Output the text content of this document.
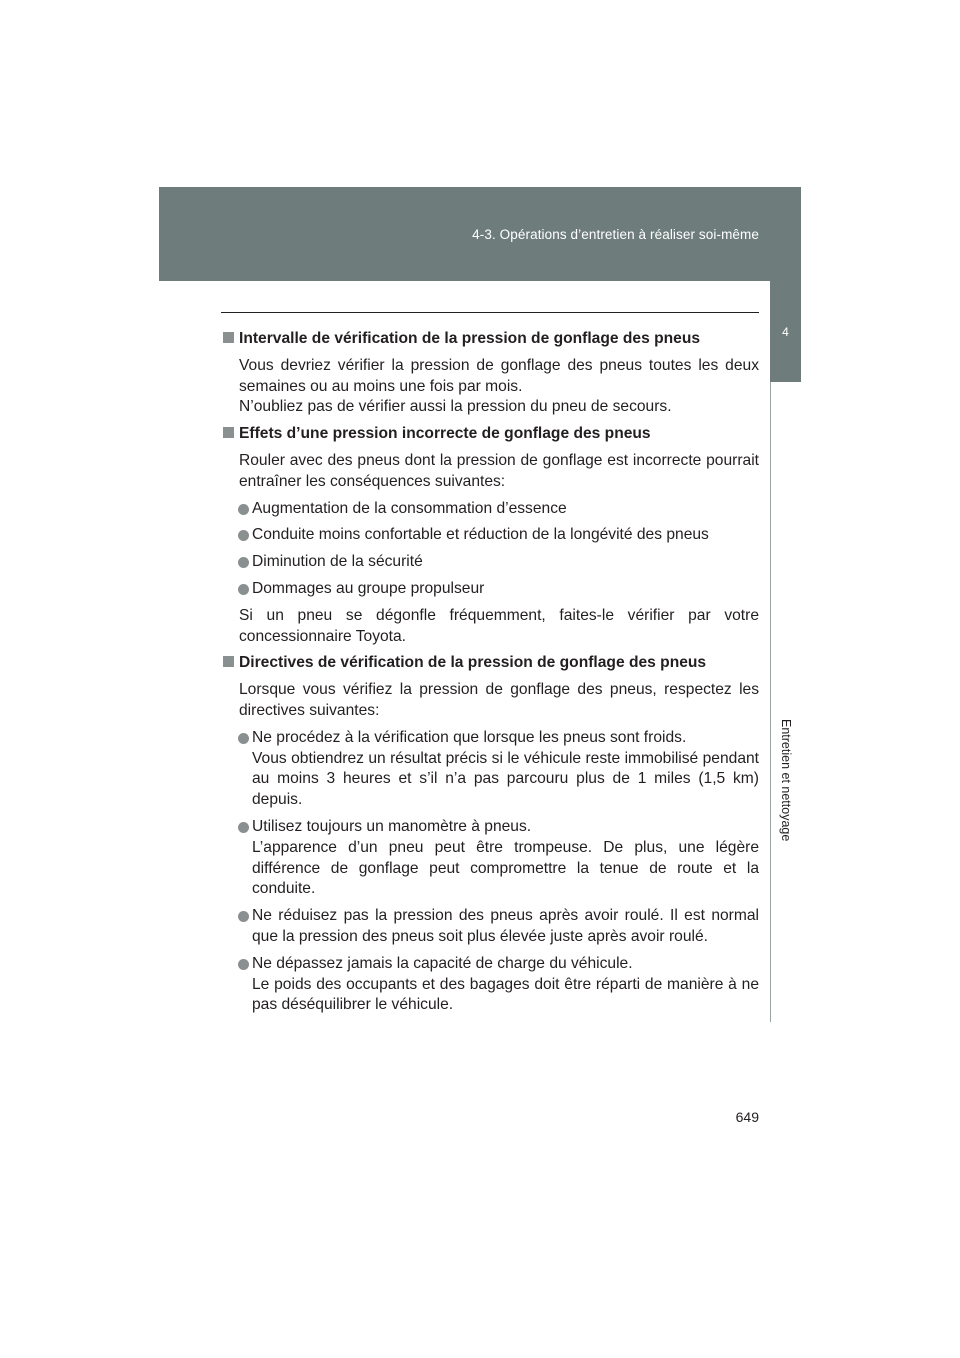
4-3. Opérations d’entretien à réaliser soi-même
4
Entretien et nettoyage
Intervalle de vérification de la pression de gonflage des pneus
Vous devriez vérifier la pression de gonflage des pneus toutes les deux semaines ou au moins une fois par mois.
N’oubliez pas de vérifier aussi la pression du pneu de secours.
Effets d’une pression incorrecte de gonflage des pneus
Rouler avec des pneus dont la pression de gonflage est incorrecte pourrait entraîner les conséquences suivantes:
Augmentation de la consommation d’essence
Conduite moins confortable et réduction de la longévité des pneus
Diminution de la sécurité
Dommages au groupe propulseur
Si un pneu se dégonfle fréquemment, faites-le vérifier par votre concessionnaire Toyota.
Directives de vérification de la pression de gonflage des pneus
Lorsque vous vérifiez la pression de gonflage des pneus, respectez les directives suivantes:
Ne procédez à la vérification que lorsque les pneus sont froids.
Vous obtiendrez un résultat précis si le véhicule reste immobilisé pendant au moins 3 heures et s’il n’a pas parcouru plus de 1 miles (1,5 km) depuis.
Utilisez toujours un manomètre à pneus.
L’apparence d’un pneu peut être trompeuse. De plus, une légère différence de gonflage peut compromettre la tenue de route et la conduite.
Ne réduisez pas la pression des pneus après avoir roulé. Il est normal que la pression des pneus soit plus élevée juste après avoir roulé.
Ne dépassez jamais la capacité de charge du véhicule.
Le poids des occupants et des bagages doit être réparti de manière à ne pas déséquilibrer le véhicule.
649
